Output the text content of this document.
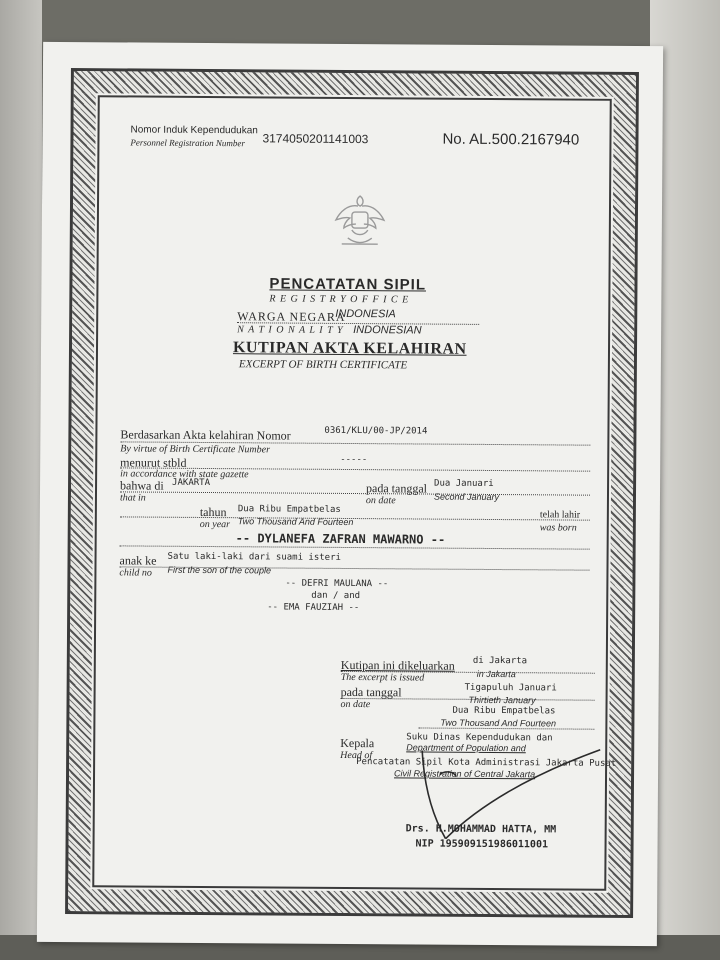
Nomor Induk Kependudukan
Personnel Registration Number 3174050201141003	No. AL.500.2167940
PENCATATAN SIPIL
R E G I S T R Y O F F I C E
WARGA NEGARA
INDONESIA
N A T I O N A L I T Y INDONESIAN
KUTIPAN AKTA KELAHIRAN
EXCERPT OF BIRTH CERTIFICATE
Berdasarkan Akta kelahiran Nomor	0361/KLU/00-JP/2014
By virtue of Birth Certificate Number
menurut stbld	-----
in accordance with state gazette
bahwa di JAKARTA	pada tanggal Dua Januari
Second January
that in	on date
tahun Dua Ribu Empatbelas
Two Thousand And Fourteen
telah lahir
on year	was born
-- DYLANEFA ZAFRAN MAWARNO --
anak ke Satu laki-laki dari suami isteri
First the son of the couple
child no
-- DEFRI MAULANA --
dan / and
-- EMA FAUZIAH --
Kutipan ini dikeluarkan di Jakarta
in Jakarta
The excerpt is issued
pada tanggal	Tigapuluh Januari
Thirtieth January
on date
Dua Ribu Empatbelas
Two Thousand And Fourteen
Kepala
Head of
Suku Dinas Kependudukan dan
Department of Population and
Pencatatan Sipil Kota Administrasi Jakarta Pusat
Civil Registration of Central Jakarta
Drs. H.MOHAMMAD HATTA, MM
NIP 195909151986011001
